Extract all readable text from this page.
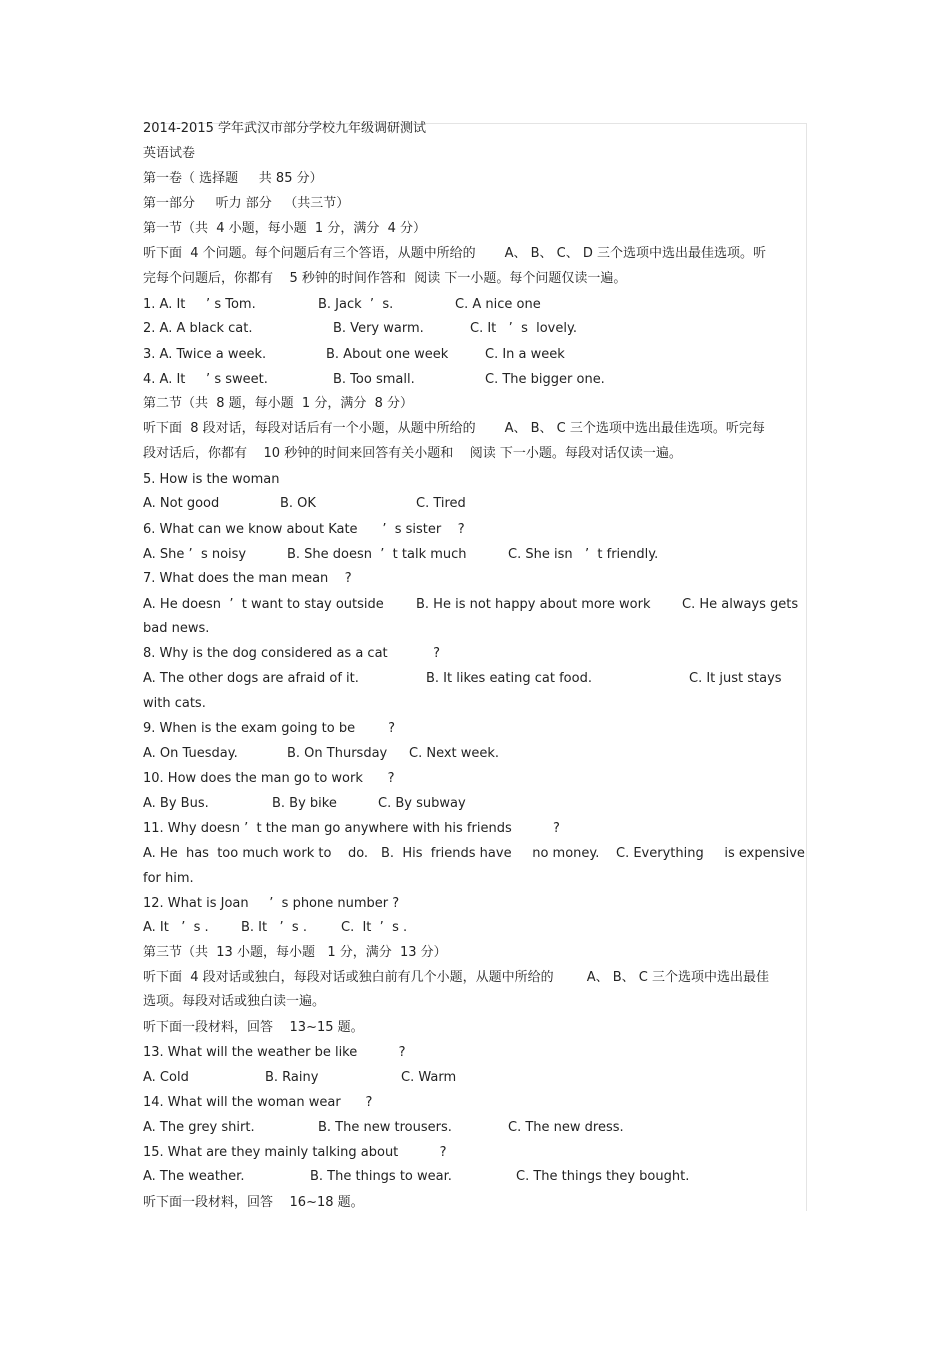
2014-2015 学年武汉市部分学校九年级调研测试
英语试卷
第一卷（ 选择题     共 85 分）
第一部分     听力 部分   （共三节）
第一节（共  4 小题，每小题  1 分，满分  4 分）
听下面  4 个问题。每个问题后有三个答语，从题中所给的       A、 B、 C、 D 三个选项中选出最佳选项。听
完每个问题后，你都有    5 秒钟的时间作答和  阅读 下一小题。每个问题仅读一遍。
1. A. It     ’ s Tom.	B. Jack  ’  s.	C. A nice one
2. A. A black cat.	B. Very warm.	C. It   ’  s  lovely.
3. A. Twice a week.	B. About one week	C. In a week
4. A. It     ’ s sweet.	B. Too small.	C. The bigger one.
第二节（共  8 题，每小题  1 分，满分  8 分）
听下面  8 段对话，每段对话后有一个小题，从题中所给的       A、 B、 C 三个选项中选出最佳选项。听完每
段对话后，你都有    10 秒钟的时间来回答有关小题和    阅读 下一小题。每段对话仅读一遍。
5. How is the woman
A. Not good	B. OK	C. Tired
6. What can we know about Kate      ’  s sister    ?
A. She ’  s noisy	B. She doesn  ’  t talk much	C. She isn   ’  t friendly.
7. What does the man mean    ?
A. He doesn  ’  t want to stay outside B. He is not happy about more work C. He always gets
bad news.
8. Why is the dog considered as a cat           ?
A. The other dogs are afraid of it.	B. It likes eating cat food.	C. It just stays
with cats.
9. When is the exam going to be        ?
A. On Tuesday.	B. On Thursday C. Next week.
10. How does the man go to work      ?
A. By Bus.	B. By bike	C. By subway
11. Why doesn ’  t the man go anywhere with his friends          ?
A. He  has  too much work to    do. B.  His  friends have     no money. C. Everything     is expensive
for him.
12. What is Joan     ’  s phone number ?
A. It   ’  s . B. It   ’  s .	C.  It  ’  s .
第三节（共  13 小题，每小题   1 分，满分  13 分）
听下面  4 段对话或独白，每段对话或独白前有几个小题，从题中所给的        A、 B、 C 三个选项中选出最佳
选项。每段对话或独白读一遍。
听下面一段材料，回答    13~15 题。
13. What will the weather be like          ?
A. Cold	B. Rainy	C. Warm
14. What will the woman wear      ?
A. The grey shirt.	B. The new trousers.	C. The new dress.
15. What are they mainly talking about          ?
A. The weather.	B. The things to wear.	C. The things they bought.
听下面一段材料，回答    16~18 题。
